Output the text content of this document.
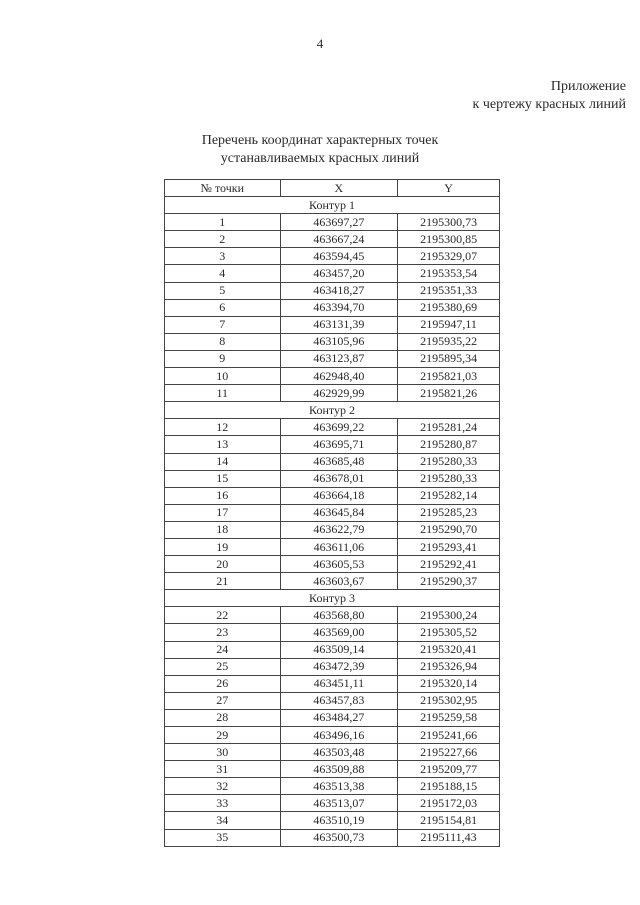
4
Приложение
к чертежу красных линий
Перечень координат характерных точек
устанавливаемых красных линий
№ точки	X	Y
Контур 1		
1	463697,27	2195300,73
2	463667,24	2195300,85
3	463594,45	2195329,07
4	463457,20	2195353,54
5	463418,27	2195351,33
6	463394,70	2195380,69
7	463131,39	2195947,11
8	463105,96	2195935,22
9	463123,87	2195895,34
10	462948,40	2195821,03
11	462929,99	2195821,26
Контур 2		
12	463699,22	2195281,24
13	463695,71	2195280,87
14	463685,48	2195280,33
15	463678,01	2195280,33
16	463664,18	2195282,14
17	463645,84	2195285,23
18	463622,79	2195290,70
19	463611,06	2195293,41
20	463605,53	2195292,41
21	463603,67	2195290,37
Контур 3		
22	463568,80	2195300,24
23	463569,00	2195305,52
24	463509,14	2195320,41
25	463472,39	2195326,94
26	463451,11	2195320,14
27	463457,83	2195302,95
28	463484,27	2195259,58
29	463496,16	2195241,66
30	463503,48	2195227,66
31	463509,88	2195209,77
32	463513,38	2195188,15
33	463513,07	2195172,03
34	463510,19	2195154,81
35	463500,73	2195111,43
